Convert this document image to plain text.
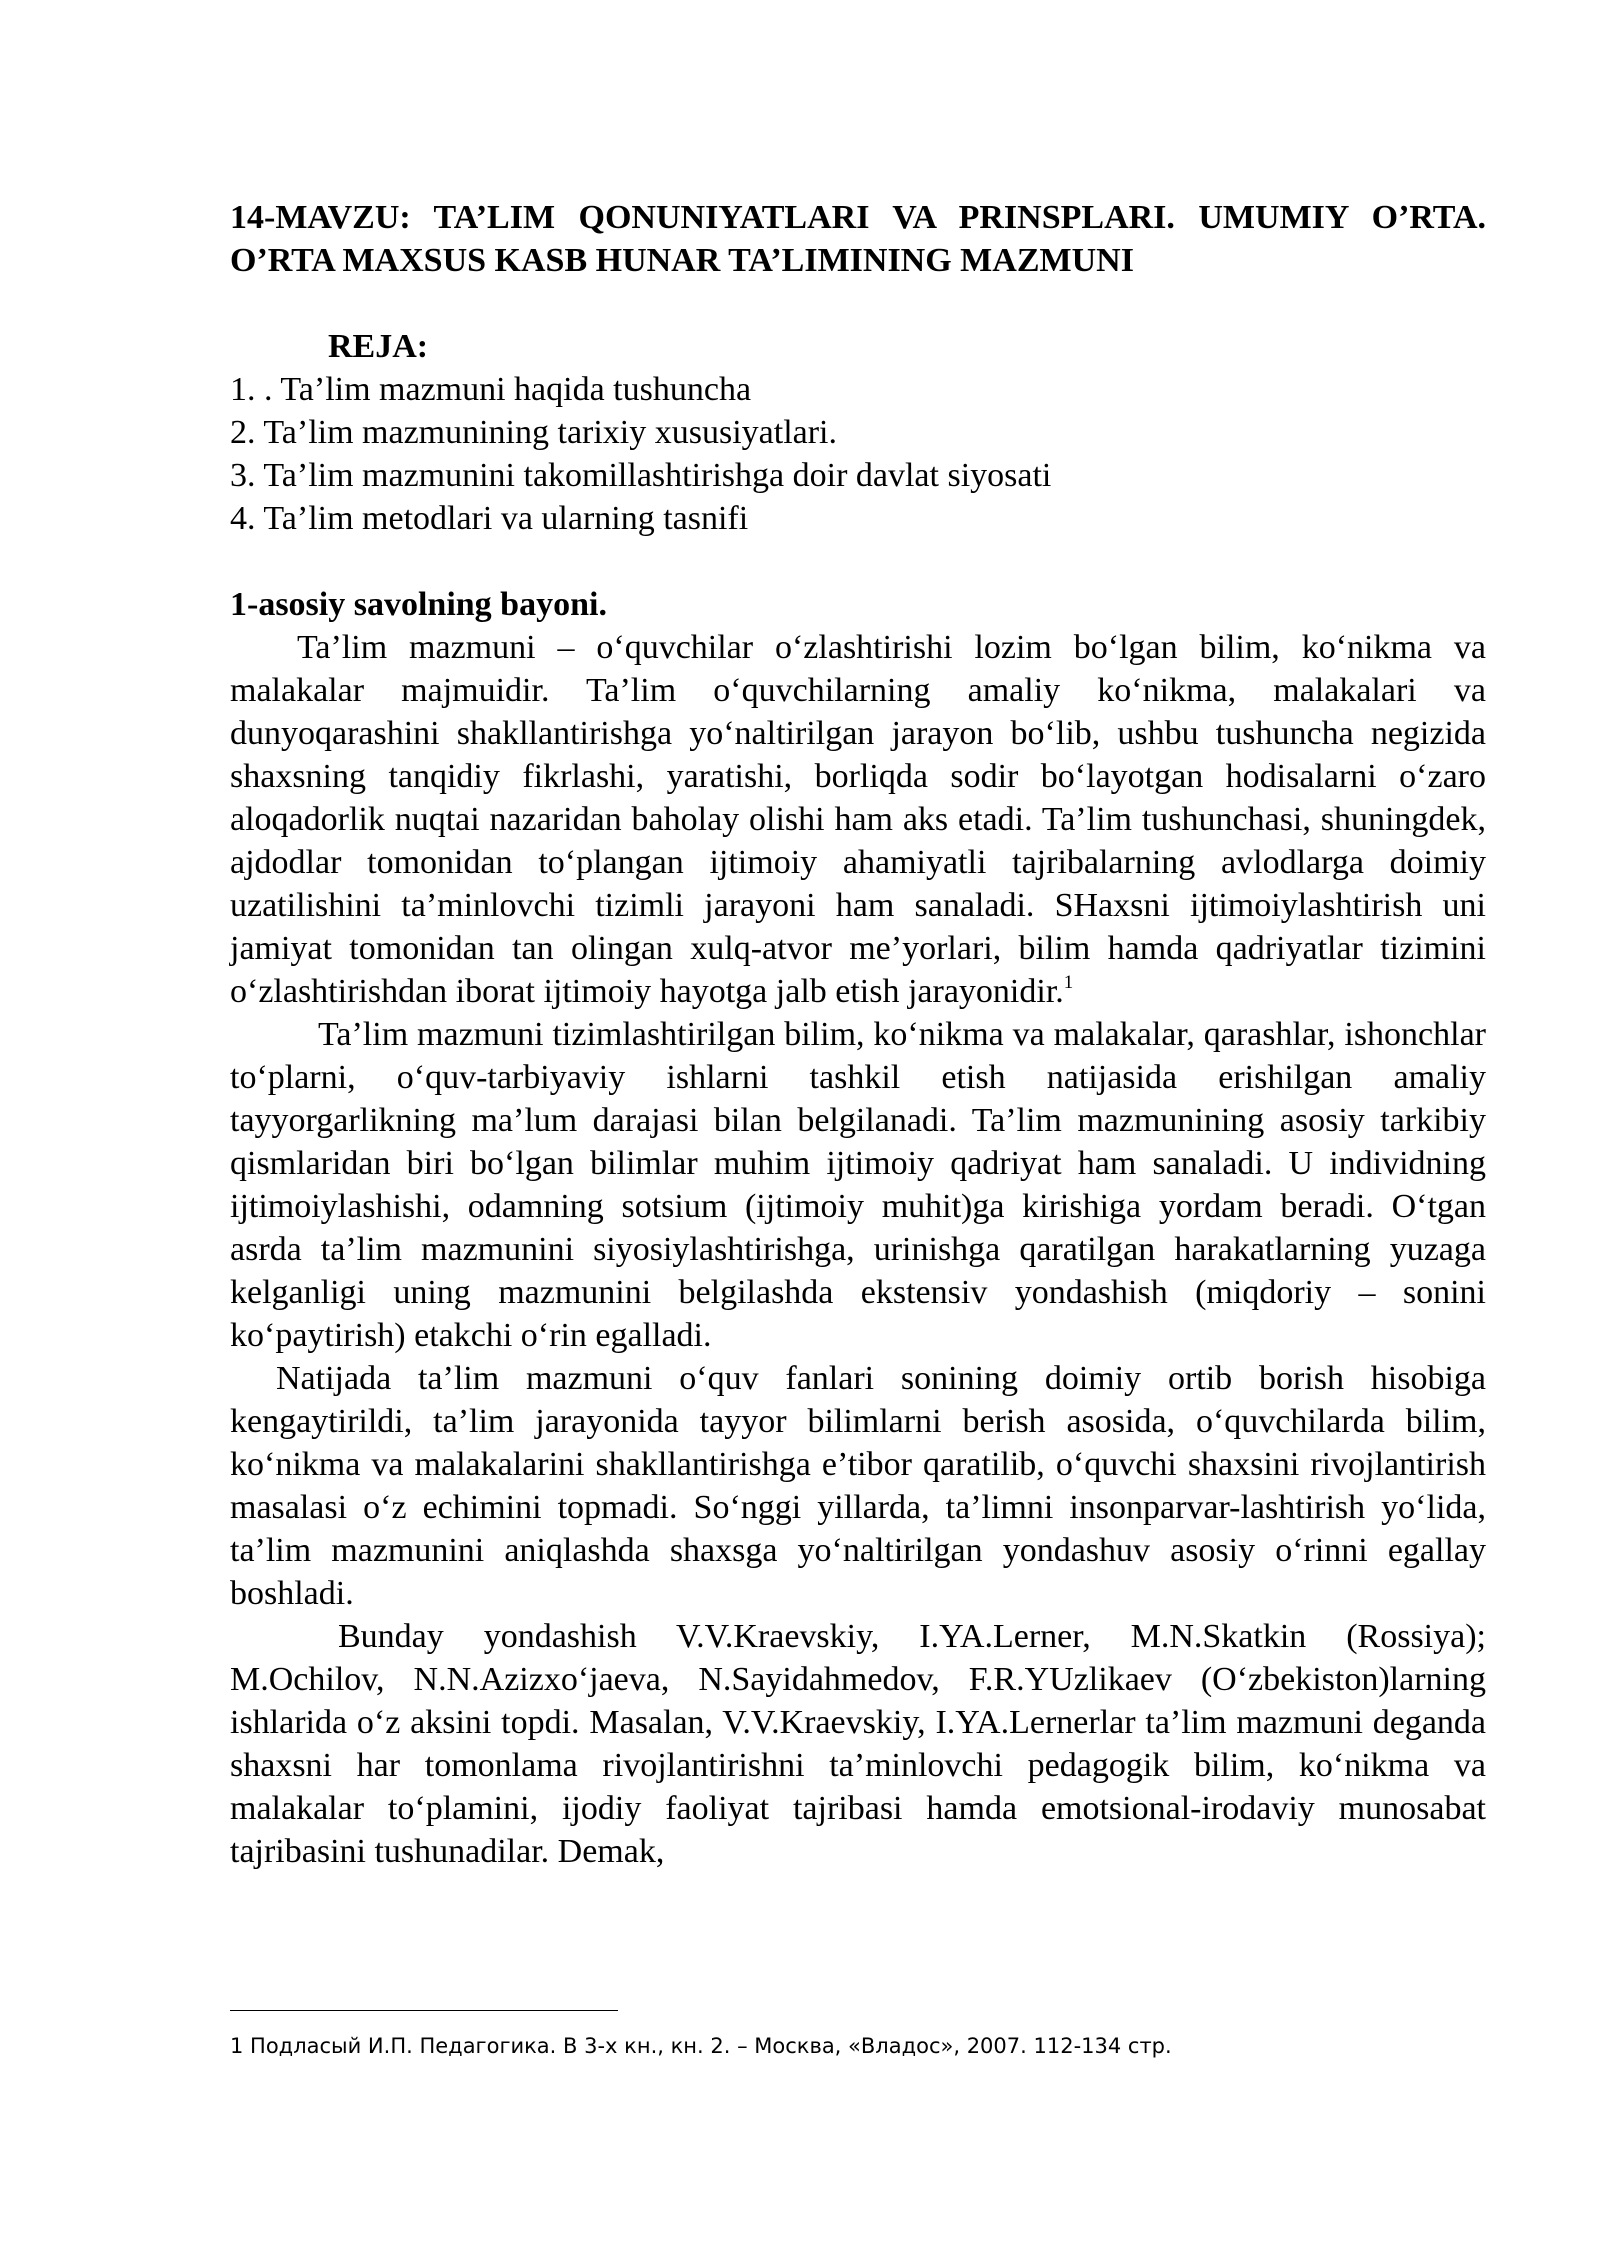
14-MAVZU: TA’LIM QONUNIYATLARI VA PRINSPLARI. UMUMIY O’RTA. O’RTA MAXSUS KASB HUNAR TA’LIMINING MAZMUNI
REJA:
1. . Ta’lim mazmuni haqida tushuncha
2. Ta’lim mazmunining tarixiy xususiyatlari.
3. Ta’lim mazmunini takomillashtirishga doir davlat siyosati
4. Ta’lim metodlari va ularning tasnifi
1-asosiy savolning bayoni.

Ta’lim mazmuni – o‘quvchilar o‘zlashtirishi lozim bo‘lgan bilim, ko‘nikma va malakalar majmuidir. Ta’lim o‘quvchilarning amaliy ko‘nikma, malakalari va dunyoqarashini shakllantirishga yo‘naltirilgan jarayon bo‘lib, ushbu tushuncha negizida shaxsning tanqidiy fikrlashi, yaratishi, borliqda sodir bo‘layotgan hodisalarni o‘zaro aloqadorlik nuqtai nazaridan baholay olishi ham aks etadi. Ta’lim tushunchasi, shuningdek, ajdodlar tomonidan to‘plangan ijtimoiy ahamiyatli tajribalarning avlodlarga doimiy uzatilishini ta’minlovchi tizimli jarayoni ham sanaladi. SHaxsni ijtimoiylashtirish uni jamiyat tomonidan tan olingan xulq-atvor me’yorlari, bilim hamda qadriyatlar tizimini o‘zlashtirishdan iborat ijtimoiy hayotga jalb etish jarayonidir.$^1$

Ta’lim mazmuni tizimlashtirilgan bilim, ko‘nikma va malakalar, qarashlar, ishonchlar to‘plarni, o‘quv-tarbiyaviy ishlarni tashkil etish natijasida erishilgan amaliy tayyorgarlikning ma’lum darajasi bilan belgilanadi. Ta’lim mazmunining asosiy tarkibiy qismlaridan biri bo‘lgan bilimlar muhim ijtimoiy qadriyat ham sanaladi. U individning ijtimoiylashishi, odamning sotsium (ijtimoiy muhit)ga kirishiga yordam beradi. O‘tgan asrda ta’lim mazmunini siyosiylashtirishga, urinishga qaratilgan harakatlarning yuzaga kelganligi uning mazmunini belgilashda ekstensiv yondashish (miqdoriy – sonini ko‘paytirish) etakchi o‘rin egalladi.

Natijada ta’lim mazmuni o‘quv fanlari sonining doimiy ortib borish hisobiga kengaytirildi, ta’lim jarayonida tayyor bilimlarni berish asosida, o‘quvchilarda bilim, ko‘nikma va malakalarini shakllantirishga e’tibor qaratilib, o‘quvchi shaxsini rivojlantirish masalasi o‘z echimini topmadi. So‘nggi yillarda, ta’limni insonparvar-lashtirish yo‘lida, ta’lim mazmunini aniqlashda shaxsga yo‘naltirilgan yondashuv asosiy o‘rinni egallay boshladi.

Bunday yondashish V.V.Kraevskiy, I.YA.Lerner, M.N.Skatkin (Rossiya); M.Ochilov, N.N.Azizxo‘jaeva, N.Sayidahmedov, F.R.YUzlikaev (O‘zbekiston)larning ishlarida o‘z aksini topdi. Masalan, V.V.Kraevskiy, I.YA.Lernerlar ta’lim mazmuni deganda shaxsni har tomonlama rivojlantirishni ta’minlovchi pedagogik bilim, ko‘nikma va malakalar to‘plamini, ijodiy faoliyat tajribasi hamda emotsional-irodaviy munosabat tajribasini tushunadilar. Demak,

1 Подласый И.П. Педагогика. В 3-х кн., кн. 2. – Москва, «Владос», 2007. 112-134 стр.
